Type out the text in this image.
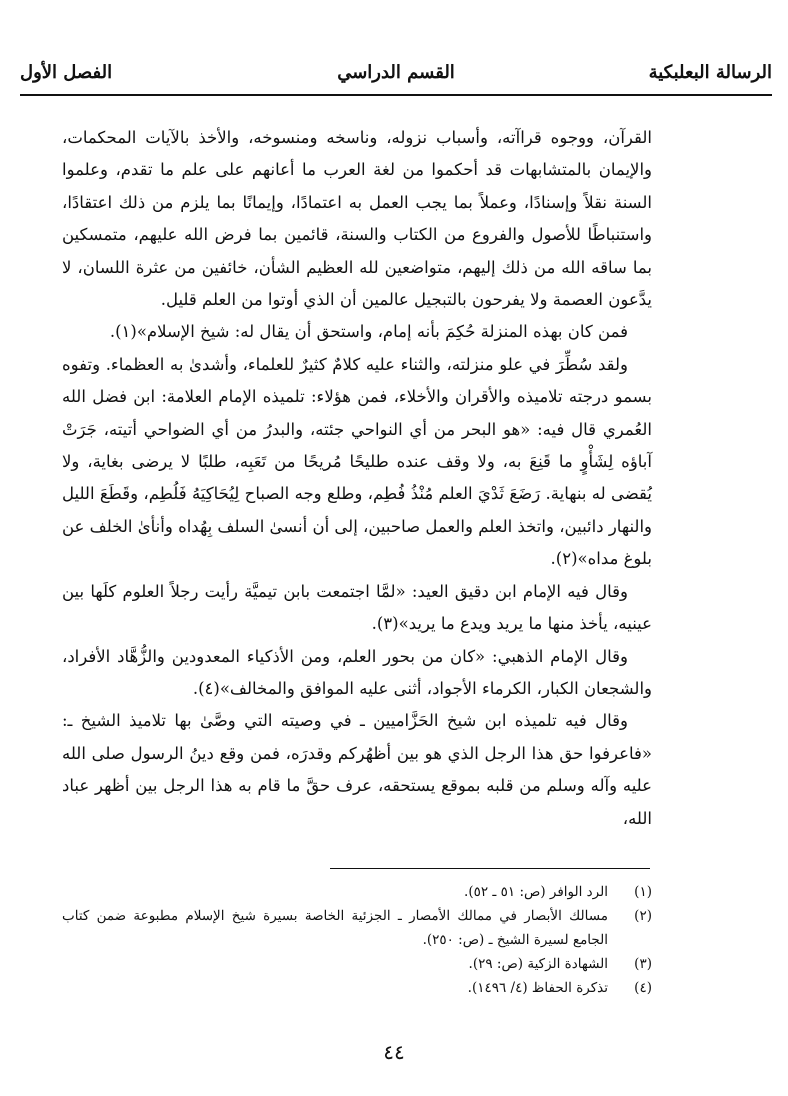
الرسالة البعلبكية
القسم الدراسي
الفصل الأول

القرآن، ووجوه قراآته، وأسباب نزوله، وناسخه ومنسوخه، والأخذ بالآيات المحكمات، والإيمان بالمتشابهات قد أحكموا من لغة العرب ما أعانهم على علم ما تقدم، وعلموا السنة نقلاً وإسنادًا، وعملاً بما يجب العمل به اعتمادًا، وإيمانًا بما يلزم من ذلك اعتقادًا، واستنباطًا للأصول والفروع من الكتاب والسنة، قائمين بما فرض الله عليهم، متمسكين بما ساقه الله من ذلك إليهم، متواضعين لله العظيم الشأن، خائفين من عثرة اللسان، لا يدَّعون العصمة ولا يفرحون بالتبجيل عالمين أن الذي أوتوا من العلم قليل.

فمن كان بهذه المنزلة حُكِمَ بأنه إمام، واستحق أن يقال له: شيخ الإسلام»(١).

ولقد سُطِّرَ في علو منزلته، والثناء عليه كلامٌ كثيرٌ للعلماء، وأشدىٰ به العظماء. وتفوه بسمو درجته تلاميذه والأقران والأخلاء، فمن هؤلاء: تلميذه الإمام العلامة: ابن فضل الله العُمري قال فيه: «هو البحر من أي النواحي جئته، والبدرُ من أي الضواحي أتيته، جَرَتْ آباؤه لِشَأْوٍ ما قَنِعَ به، ولا وقف عنده طليحًا مُريحًا من تَعَبِه، طلبًا لا يرضى بغاية، ولا يُقضى له بنهاية. رَضَعَ ثَدْيَ العلم مُنْذُ فُطِم، وطلع وجه الصباح لِيُحَاكِيَهُ فَلُطِم، وقَطَعَ الليل والنهار دائبين، واتخذ العلم والعمل صاحبين، إلى أن أنسىٰ السلف بِهُداه وأنأىٰ الخلف عن بلوغ مداه»(٢).

وقال فيه الإمام ابن دقيق العيد: «لمَّا اجتمعت بابن تيميَّة رأيت رجلاً العلوم كلَها بين عينيه، يأخذ منها ما يريد ويدع ما يريد»(٣).

وقال الإمام الذهبي: «كان من بحور العلم، ومن الأذكياء المعدودين والزُّهَّاد الأفراد، والشجعان الكبار، الكرماء الأجواد، أثنى عليه الموافق والمخالف»(٤).

وقال فيه تلميذه ابن شيخ الحَزَّاميين ـ في وصيته التي وصَّىٰ بها تلاميذ الشيخ ـ: «فاعرفوا حق هذا الرجل الذي هو بين أظهُركم وقدرَه، فمن وقع دينُ الرسول صلى الله عليه وآله وسلم من قلبه بموقع يستحقه، عرف حقَّ ما قام به هذا الرجل بين أظهر عباد الله،

(١)
الرد الوافر (ص: ٥١ ـ ٥٢).
(٢)
مسالك الأبصار في ممالك الأمصار ـ الجزئية الخاصة بسيرة شيخ الإسلام مطبوعة ضمن كتاب الجامع لسيرة الشيخ ـ (ص: ٢٥٠).
(٣)
الشهادة الزكية (ص: ٢٩).
(٤)
تذكرة الحفاظ (٤/ ١٤٩٦).
٤٤
